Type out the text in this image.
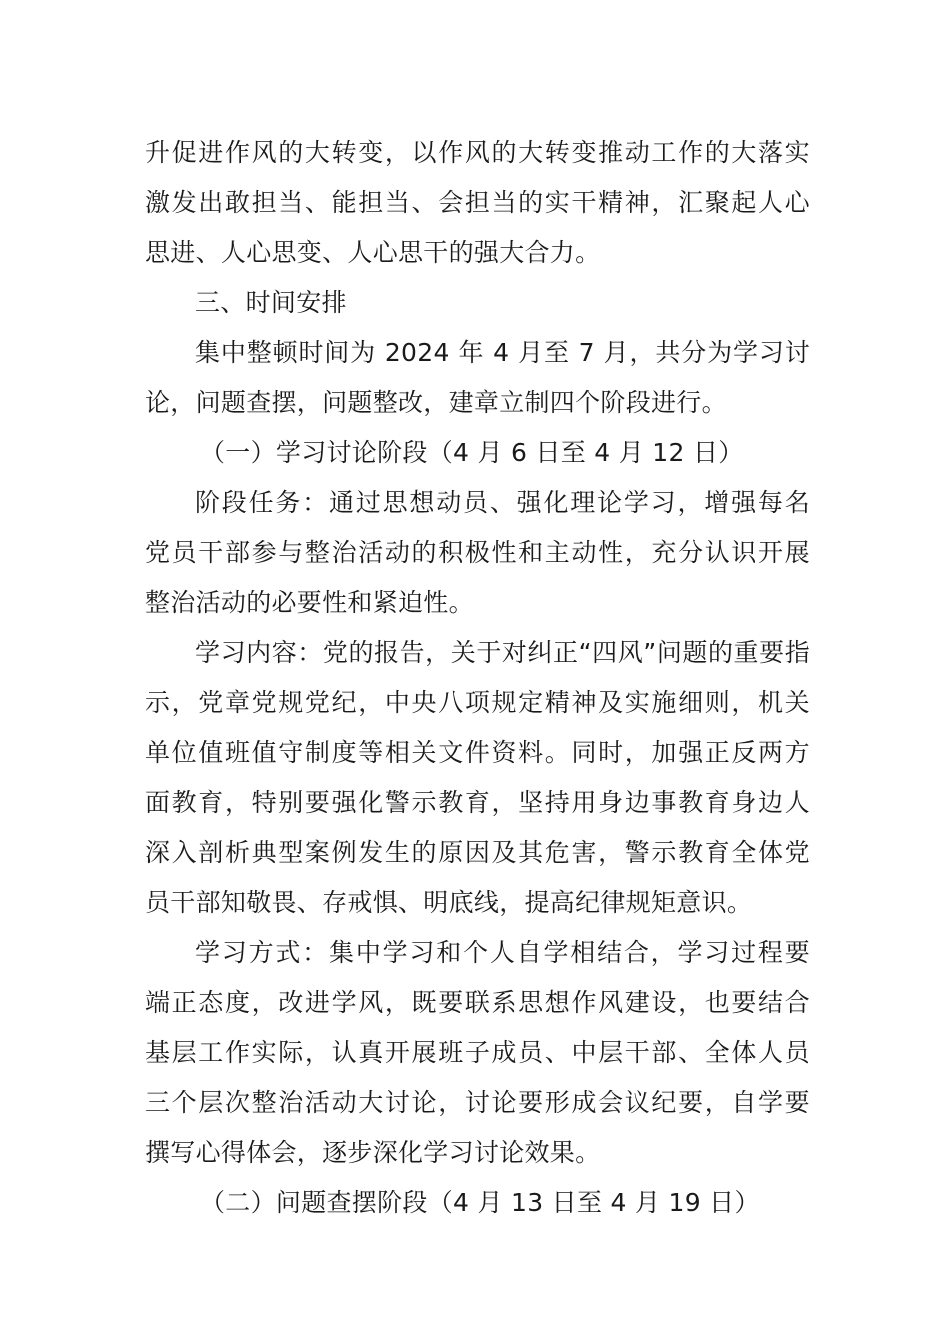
升促进作风的大转变，以作风的大转变推动工作的大落实
激发出敢担当、能担当、会担当的实干精神，汇聚起人心
思进、人心思变、人心思干的强大合力。
三、时间安排
集中整顿时间为 2024 年 4 月至 7 月，共分为学习讨
论，问题查摆，问题整改，建章立制四个阶段进行。
（一）学习讨论阶段（4 月 6 日至 4 月 12 日）
阶段任务：通过思想动员、强化理论学习，增强每名
党员干部参与整治活动的积极性和主动性，充分认识开展
整治活动的必要性和紧迫性。
学习内容：党的报告，关于对纠正“四风”问题的重要指
示，党章党规党纪，中央八项规定精神及实施细则，机关
单位值班值守制度等相关文件资料。同时，加强正反两方
面教育，特别要强化警示教育，坚持用身边事教育身边人
深入剖析典型案例发生的原因及其危害，警示教育全体党
员干部知敬畏、存戒惧、明底线，提高纪律规矩意识。
学习方式：集中学习和个人自学相结合，学习过程要
端正态度，改进学风，既要联系思想作风建设，也要结合
基层工作实际，认真开展班子成员、中层干部、全体人员
三个层次整治活动大讨论，讨论要形成会议纪要，自学要
撰写心得体会，逐步深化学习讨论效果。
（二）问题查摆阶段（4 月 13 日至 4 月 19 日）
